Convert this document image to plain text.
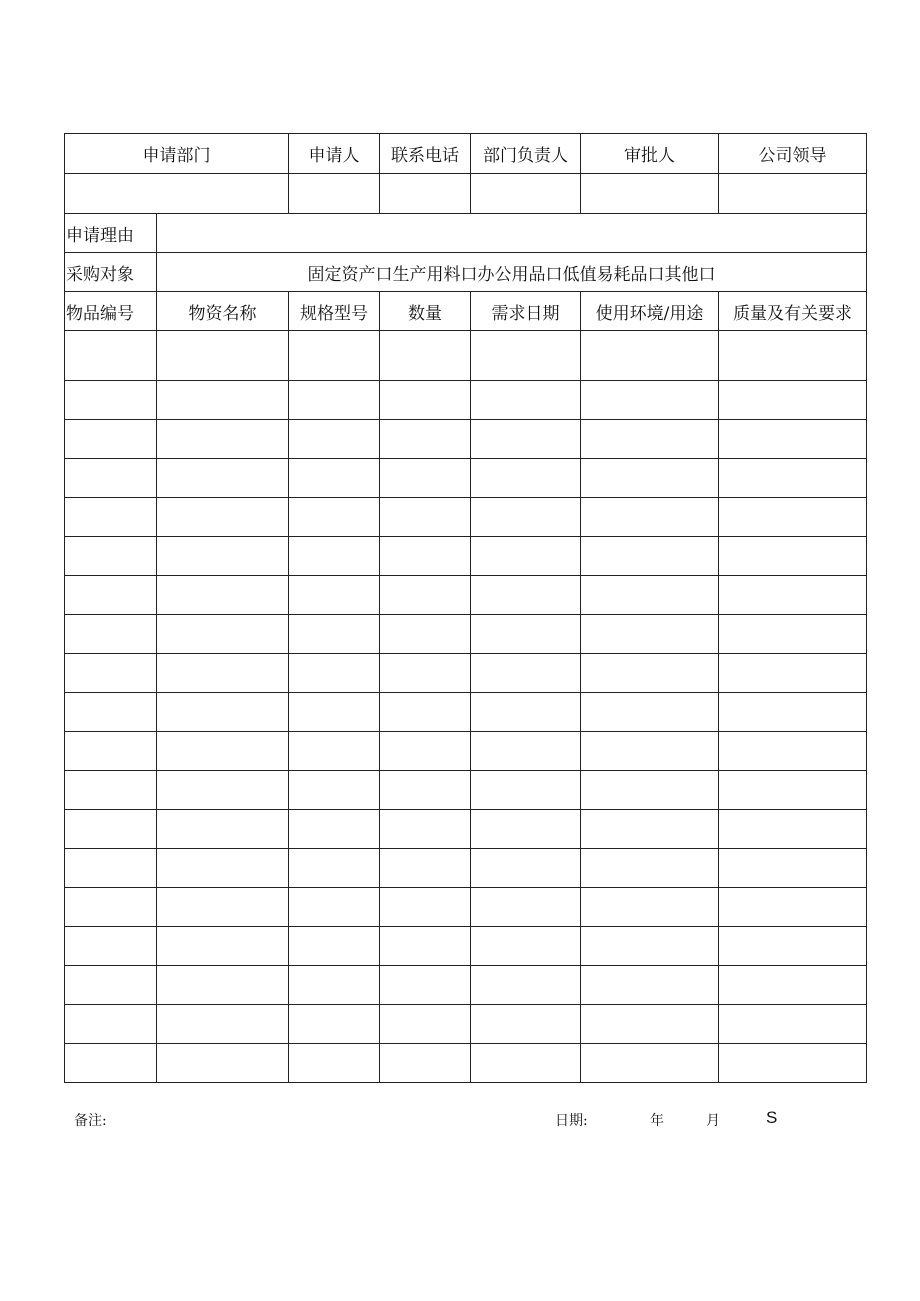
申请部门		申请人	联系电话	部门负责人	审批人	公司领导

申请理由						
采购对象	固定资产口生产用料口办公用品口低值易耗品口其他口					
物品编号	物资名称	规格型号	数量	需求日期	使用环境/用途	质量及有关要求

备注:	日期:	年	月	S
